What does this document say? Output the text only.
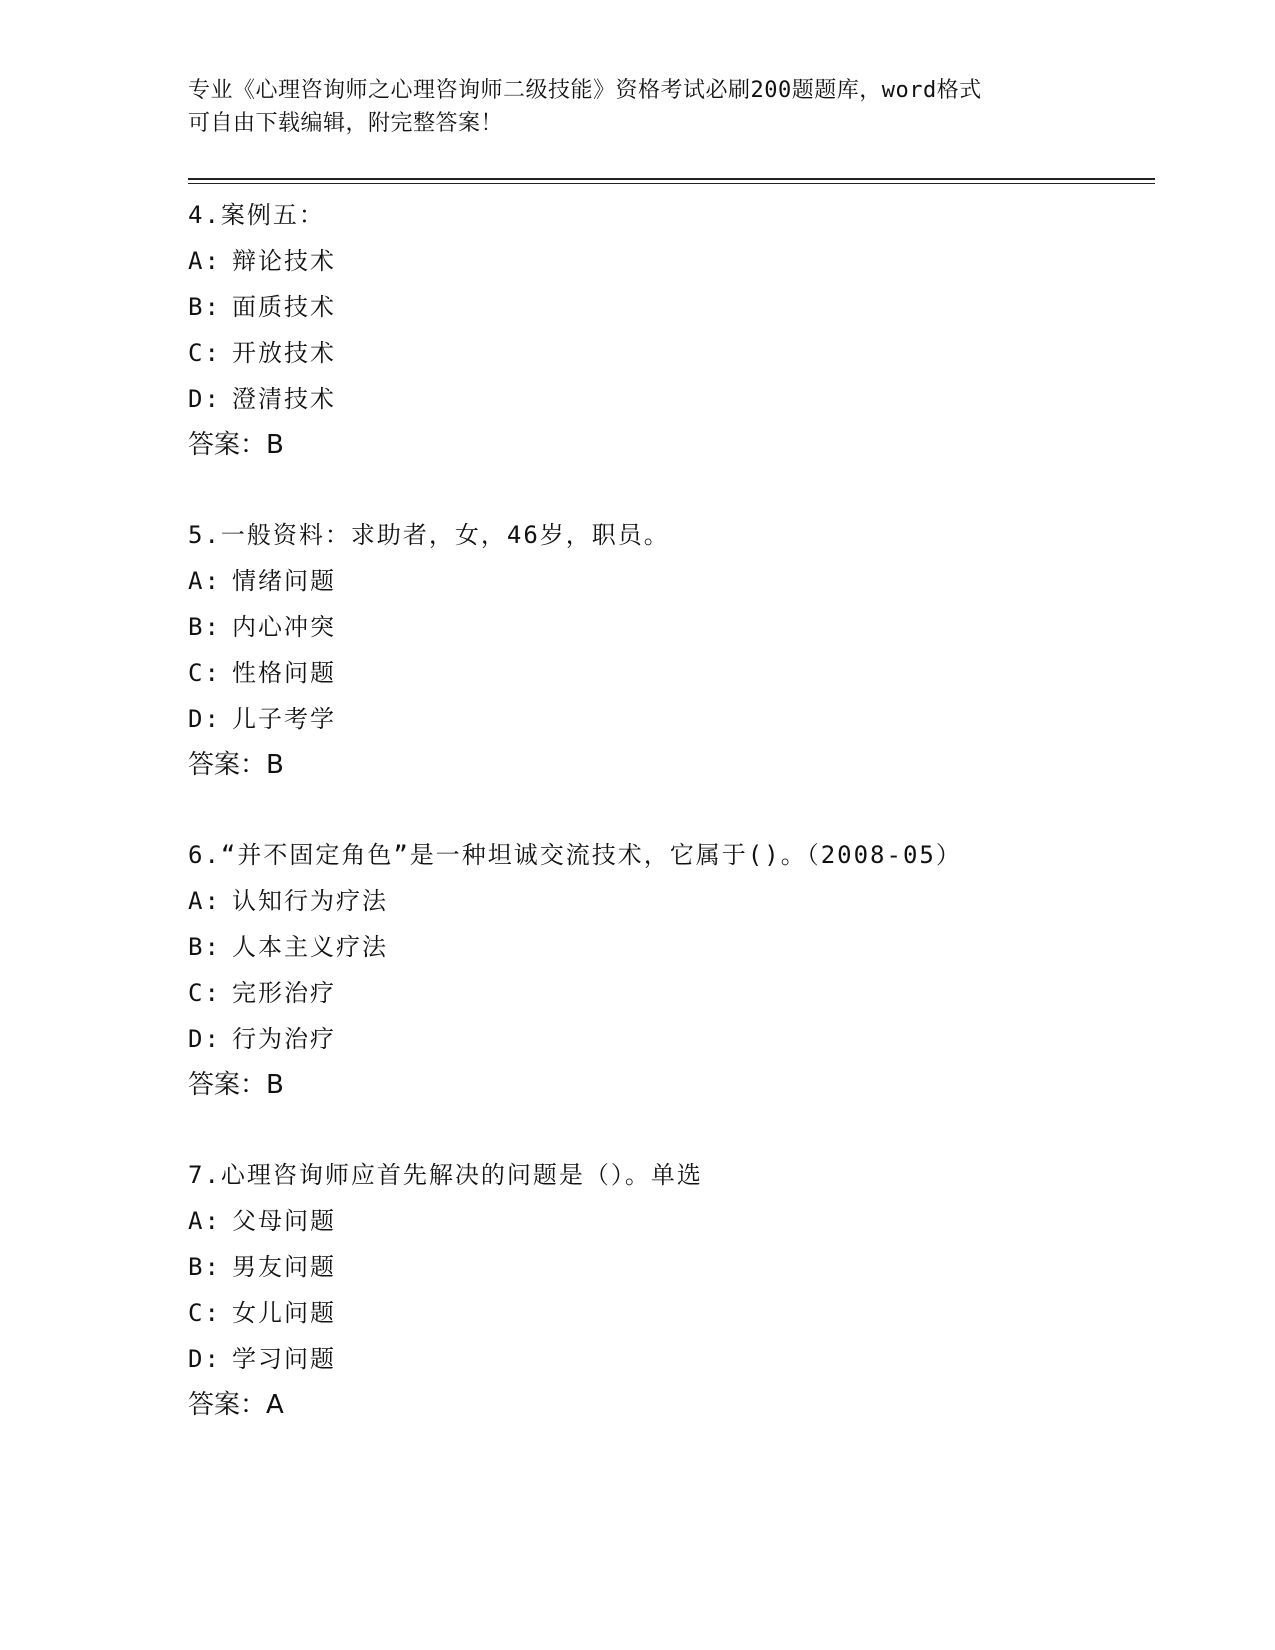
专业《心理咨询师之心理咨询师二级技能》资格考试必刷200题题库，word格式
可自由下载编辑，附完整答案！
4.案例五：
A: 辩论技术
B: 面质技术
C: 开放技术
D: 澄清技术
答案：B
5.一般资料：求助者，女，46岁，职员。
A: 情绪问题
B: 内心冲突
C: 性格问题
D: 儿子考学
答案：B
6.“并不固定角色”是一种坦诚交流技术，它属于()。（2008-05）
A: 认知行为疗法
B: 人本主义疗法
C: 完形治疗
D: 行为治疗
答案：B
7.心理咨询师应首先解决的问题是（）。单选
A: 父母问题
B: 男友问题
C: 女儿问题
D: 学习问题
答案：A
